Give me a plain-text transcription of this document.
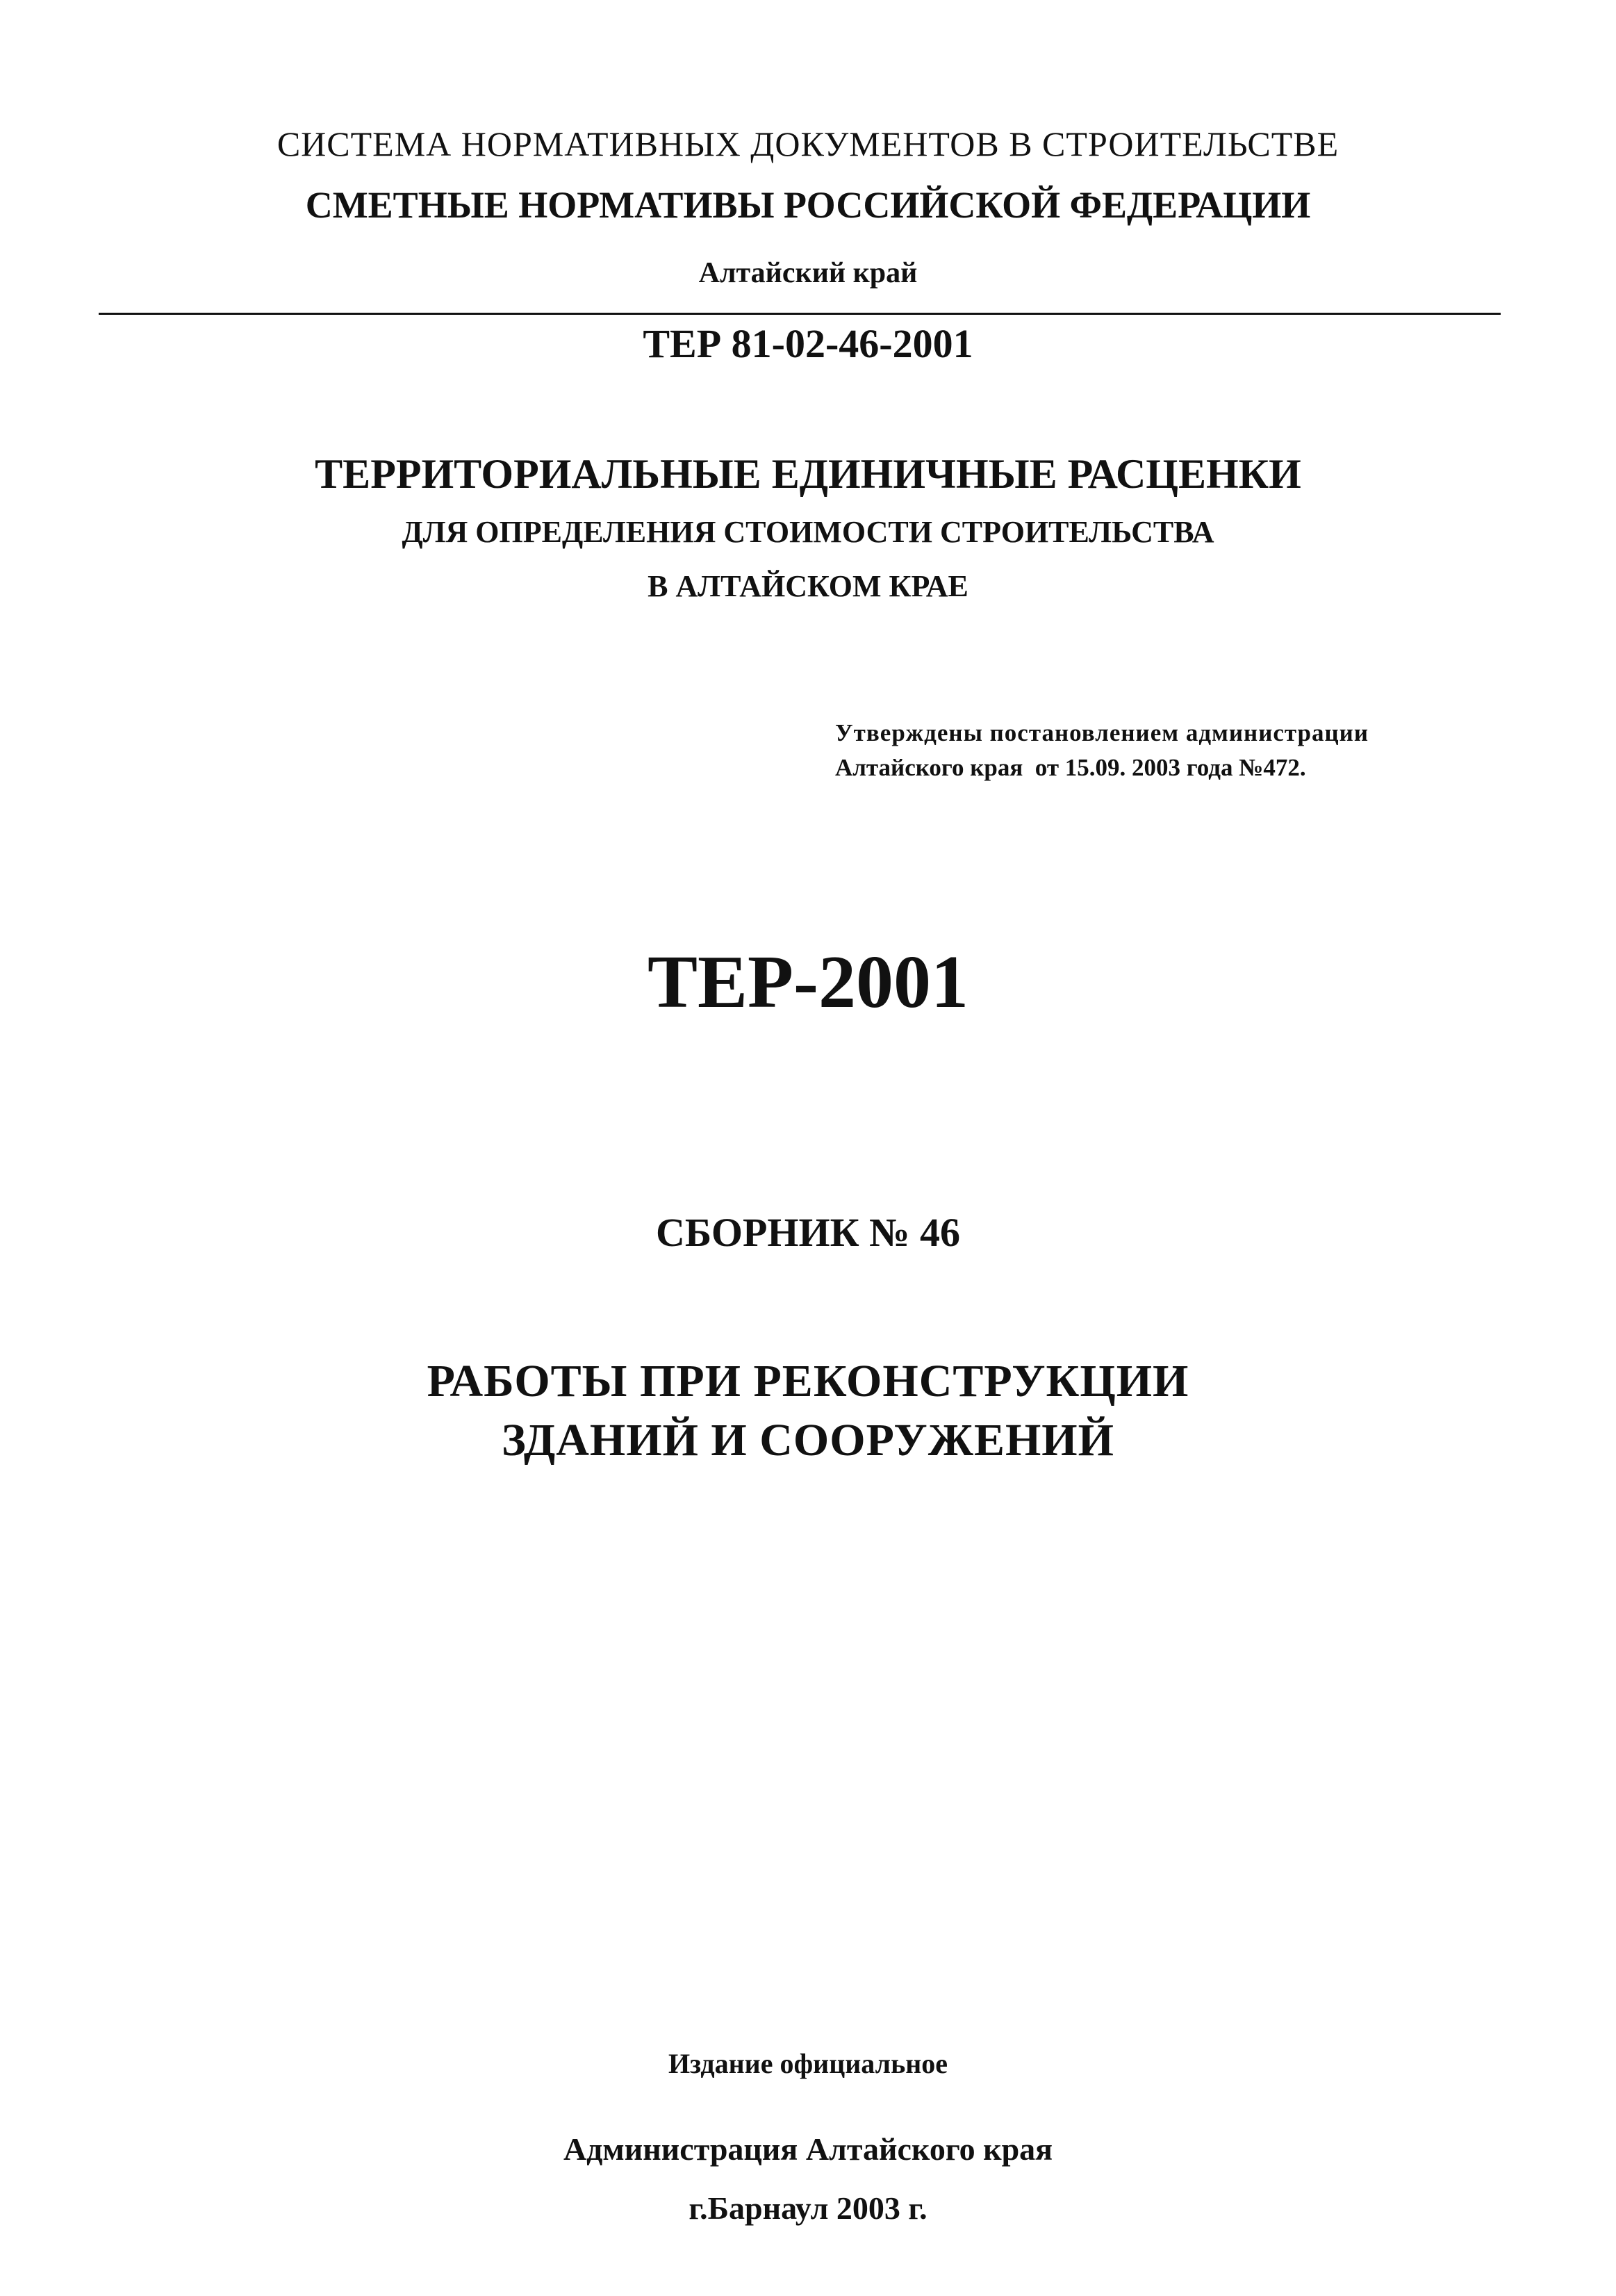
СИСТЕМА НОРМАТИВНЫХ ДОКУМЕНТОВ В СТРОИТЕЛЬСТВЕ
СМЕТНЫЕ НОРМАТИВЫ РОССИЙСКОЙ ФЕДЕРАЦИИ
Алтайский край
ТЕР 81-02-46-2001
ТЕРРИТОРИАЛЬНЫЕ ЕДИНИЧНЫЕ РАСЦЕНКИ
ДЛЯ ОПРЕДЕЛЕНИЯ СТОИМОСТИ СТРОИТЕЛЬСТВА
В АЛТАЙСКОМ КРАЕ
Утверждены постановлением администрации
Алтайского края  от 15.09. 2003 года №472.
ТЕР-2001
СБОРНИК № 46
РАБОТЫ ПРИ РЕКОНСТРУКЦИИ
ЗДАНИЙ И СООРУЖЕНИЙ
Издание официальное
Администрация Алтайского края
г.Барнаул 2003 г.
